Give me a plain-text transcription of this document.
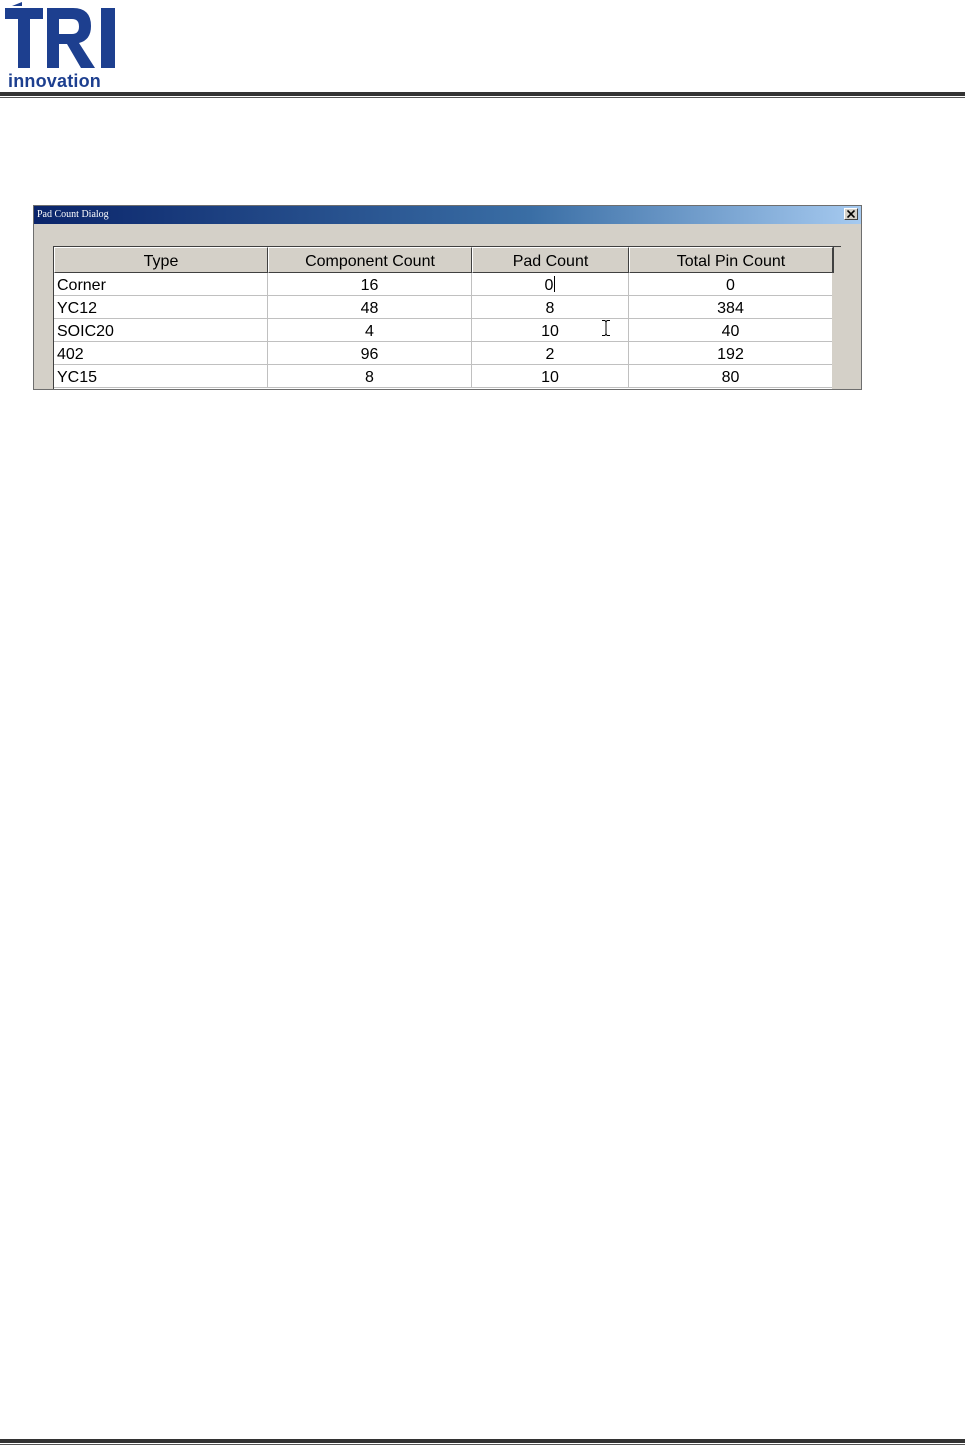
innovation
Pad Count Dialog
Type	Component Count	Pad Count	Total Pin Count
Corner	16	0	0
YC12	48	8	384
SOIC20	4	10	40
402	96	2	192
YC15	8	10	80
